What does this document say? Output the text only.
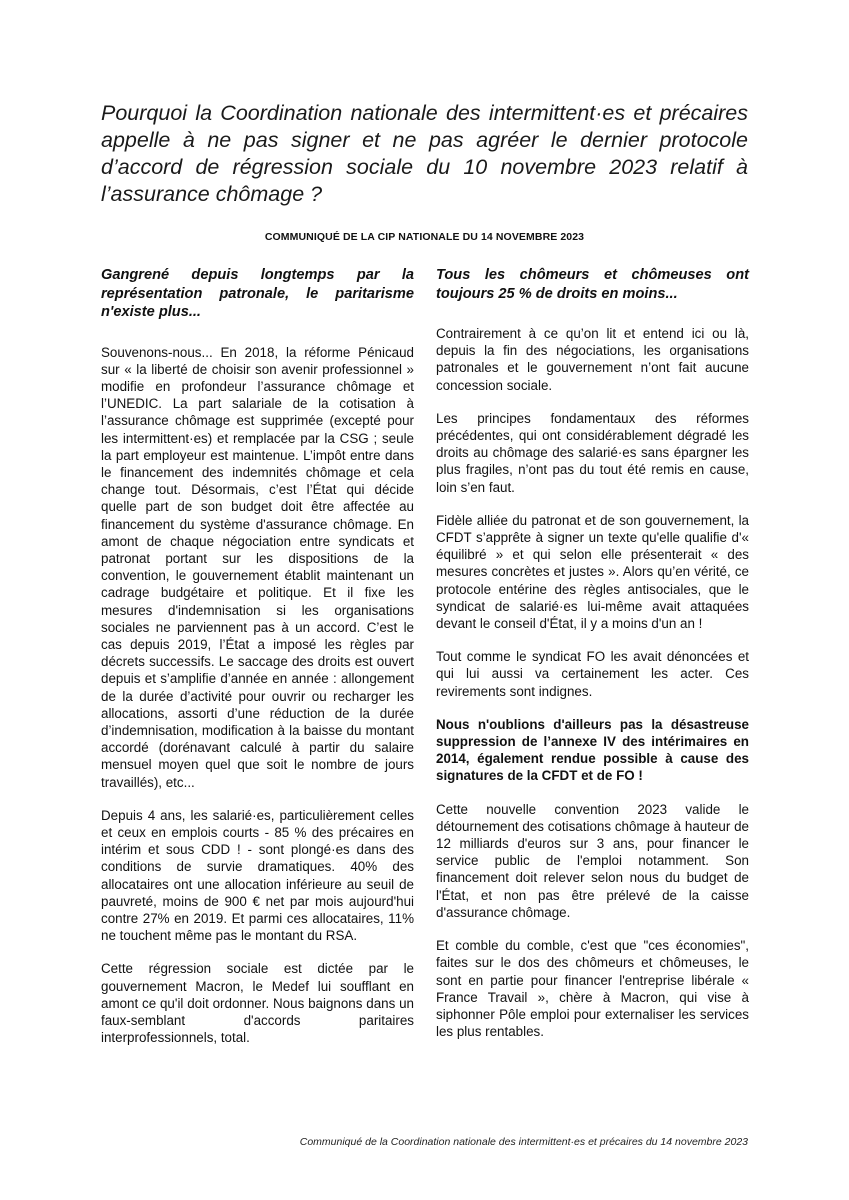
Pourquoi la Coordination nationale des intermittent·es et précaires appelle à ne pas signer et ne pas agréer le dernier protocole d’accord de régression sociale du 10 novembre 2023 relatif à l’assurance chômage ?
COMMUNIQUÉ DE LA CIP NATIONALE DU 14 NOVEMBRE 2023
Gangrené depuis longtemps par la représentation patronale, le paritarisme n'existe plus...

Souvenons-nous... En 2018, la réforme Pénicaud sur « la liberté de choisir son avenir professionnel » modifie en profondeur l’assurance chômage et l’UNEDIC. La part salariale de la cotisation à l’assurance chômage est supprimée (excepté pour les intermittent·es) et remplacée par la CSG ; seule la part employeur est maintenue. L’impôt entre dans le financement des indemnités chômage et cela change tout. Désormais, c’est l’État qui décide quelle part de son budget doit être affectée au financement du système d'assurance chômage. En amont de chaque négociation entre syndicats et patronat portant sur les dispositions de la convention, le gouvernement établit maintenant un cadrage budgétaire et politique. Et il fixe les mesures d'indemnisation si les organisations sociales ne parviennent pas à un accord. C’est le cas depuis 2019, l’État a imposé les règles par décrets successifs. Le saccage des droits est ouvert depuis et s’amplifie d’année en année : allongement de la durée d’activité pour ouvrir ou recharger les allocations, assorti d’une réduction de la durée d’indemnisation, modification à la baisse du montant accordé (dorénavant calculé à partir du salaire mensuel moyen quel que soit le nombre de jours travaillés), etc...

Depuis 4 ans, les salarié·es, particulièrement celles et ceux en emplois courts - 85 % des précaires en intérim et sous CDD ! - sont plongé·es dans des conditions de survie dramatiques. 40% des allocataires ont une allocation inférieure au seuil de pauvreté, moins de 900 € net par mois aujourd'hui contre 27% en 2019. Et parmi ces allocataires, 11% ne touchent même pas le montant du RSA.

Cette régression sociale est dictée par le gouvernement Macron, le Medef lui soufflant en amont ce qu'il doit ordonner. Nous baignons dans un faux-semblant d'accords paritaires interprofessionnels, total.

Tous les chômeurs et chômeuses ont toujours 25 % de droits en moins...

Contrairement à ce qu’on lit et entend ici ou là, depuis la fin des négociations, les organisations patronales et le gouvernement n’ont fait aucune concession sociale.

Les principes fondamentaux des réformes précédentes, qui ont considérablement dégradé les droits au chômage des salarié·es sans épargner les plus fragiles, n’ont pas du tout été remis en cause, loin s’en faut.

Fidèle alliée du patronat et de son gouvernement, la CFDT s’apprête à signer un texte qu'elle qualifie d'« équilibré » et qui selon elle présenterait « des mesures concrètes et justes ». Alors qu’en vérité, ce protocole entérine des règles antisociales, que le syndicat de salarié·es lui-même avait attaquées devant le conseil d'État, il y a moins d'un an !

Tout comme le syndicat FO les avait dénoncées et qui lui aussi va certainement les acter. Ces revirements sont indignes.

Nous n'oublions d'ailleurs pas la désastreuse suppression de l’annexe IV des intérimaires en 2014, également rendue possible à cause des signatures de la CFDT et de FO !

Cette nouvelle convention 2023 valide le détournement des cotisations chômage à hauteur de 12 milliards d'euros sur 3 ans, pour financer le service public de l'emploi notamment. Son financement doit relever selon nous du budget de l'État, et non pas être prélevé de la caisse d'assurance chômage.

Et comble du comble, c'est que "ces économies", faites sur le dos des chômeurs et chômeuses, le sont en partie pour financer l'entreprise libérale « France Travail », chère à Macron, qui vise à siphonner Pôle emploi pour externaliser les services les plus rentables.

Communiqué de la Coordination nationale des intermittent·es et précaires du 14 novembre 2023
